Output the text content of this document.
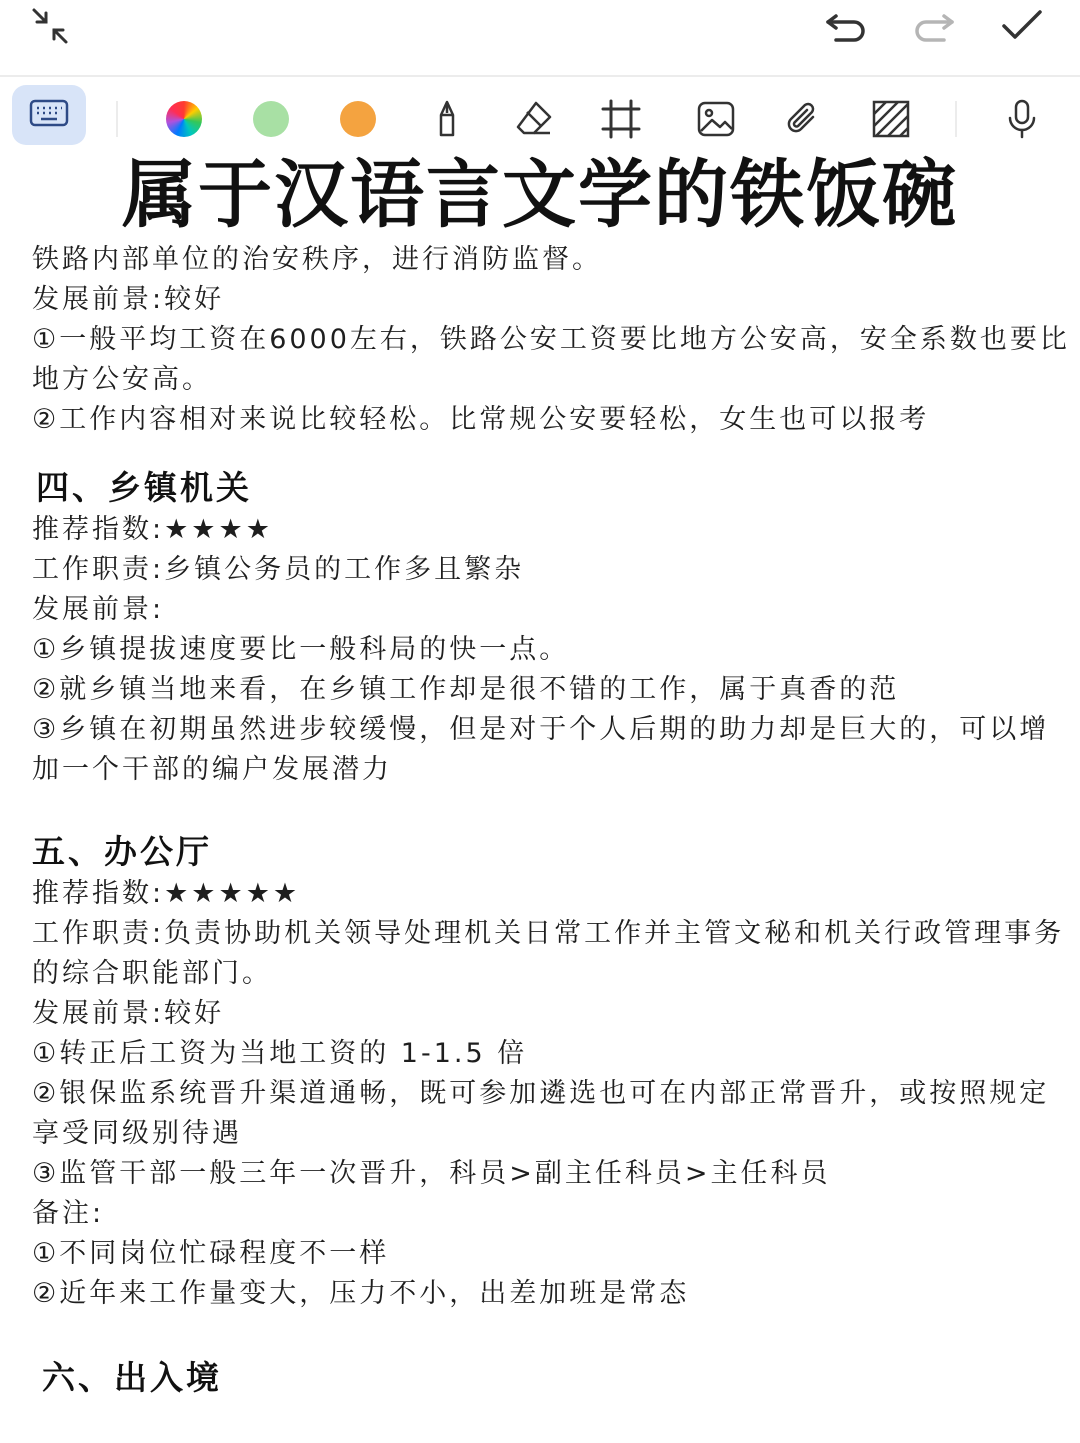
属于汉语言文学的铁饭碗
铁路内部单位的治安秩序，进行消防监督。
发展前景:较好
①一般平均工资在6000左右，铁路公安工资要比地方公安高，安全系数也要比
地方公安高。
②工作内容相对来说比较轻松。比常规公安要轻松，女生也可以报考
四、乡镇机关
推荐指数:★★★★
工作职责:乡镇公务员的工作多且繁杂
发展前景:
①乡镇提拔速度要比一般科局的快一点。
②就乡镇当地来看，在乡镇工作却是很不错的工作，属于真香的范
③乡镇在初期虽然进步较缓慢，但是对于个人后期的助力却是巨大的，可以增
加一个干部的编户发展潜力
五、办公厅
推荐指数:★★★★★
工作职责:负责协助机关领导处理机关日常工作并主管文秘和机关行政管理事务
的综合职能部门。
发展前景:较好
①转正后工资为当地工资的 1-1.5 倍
②银保监系统晋升渠道通畅，既可参加遴选也可在内部正常晋升，或按照规定
享受同级别待遇
③监管干部一般三年一次晋升，科员>副主任科员>主任科员
备注:
①不同岗位忙碌程度不一样
②近年来工作量变大，压力不小，出差加班是常态
六、出入境
